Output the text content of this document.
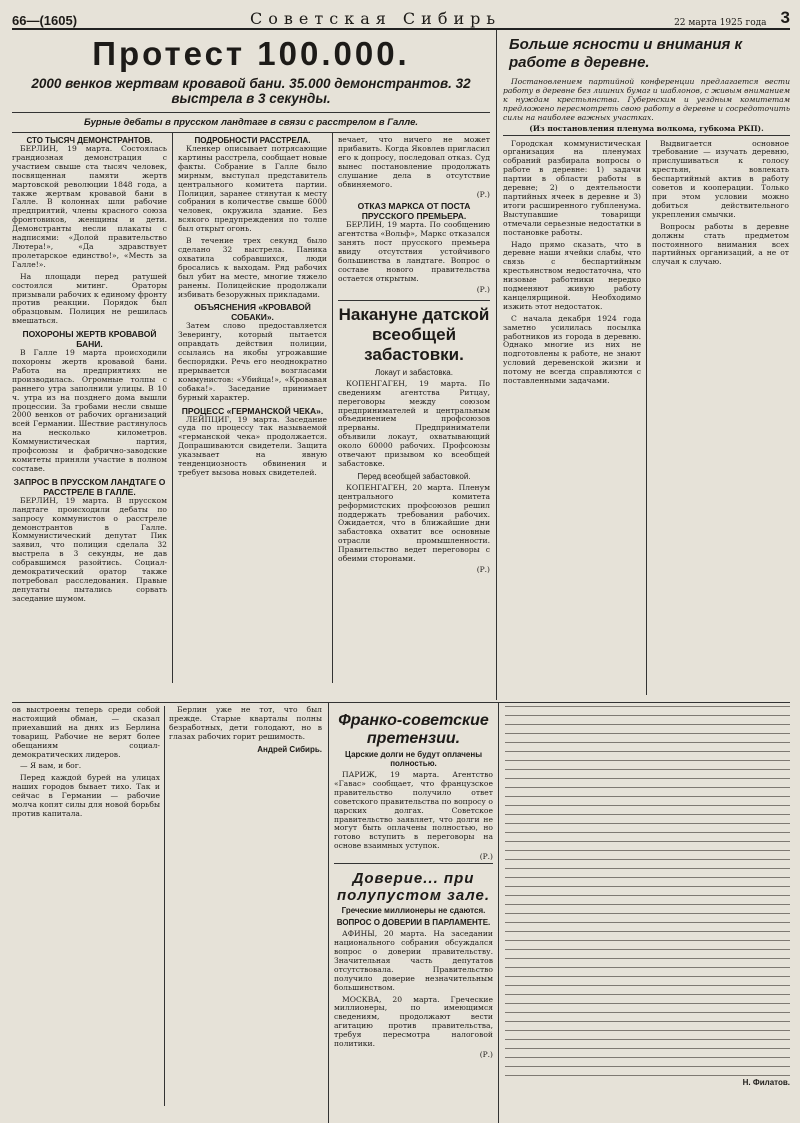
66—(1605)	Советская Сибирь	22 марта 1925 года 3
Протест 100.000.
2000 венков жертвам кровавой бани. 35.000 демонстрантов. 32 выстрела в 3 секунды.
Бурные дебаты в прусском ландтаге в связи с расстрелом в Галле.
СТО ТЫСЯЧ ДЕМОНСТРАНТОВ.

БЕРЛИН, 19 марта. Состоялась грандиозная демонстрация с участием свыше ста тысяч человек, посвященная памяти жертв мартовской революции 1848 года, а также жертвам кровавой бани в Галле. В колоннах шли рабочие предприятий, члены красного союза фронтовиков, женщины и дети. Демонстранты несли плакаты с надписями: «Долой правительство Лютера!», «Да здравствует пролетарское единство!», «Месть за Галле!».

На площади перед ратушей состоялся митинг. Ораторы призывали рабочих к единому фронту против реакции. Порядок был образцовым. Полиция не решилась вмешаться.

ПОХОРОНЫ ЖЕРТВ КРОВАВОЙ БАНИ.

В Галле 19 марта происходили похороны жертв кровавой бани. Работа на предприятиях не производилась. Огромные толпы с раннего утра заполнили улицы. В 10 ч. утра из на позднего дома вышли процессии. За гробами несли свыше 2000 венков от рабочих организаций всей Германии. Шествие растянулось на несколько километров. Коммунистическая партия, профсоюзы и фабрично-заводские комитеты приняли участие в полном составе.

ЗАПРОС В ПРУССКОМ ЛАНДТАГЕ О РАССТРЕЛЕ В ГАЛЛЕ.

БЕРЛИН, 19 марта. В прусском ландтаге происходили дебаты по запросу коммунистов о расстреле демонстрантов в Галле. Коммунистический депутат Пик заявил, что полиция сделала 32 выстрела в 3 секунды, не дав собравшимся разойтись. Социал-демократический оратор также потребовал расследования. Правые депутаты пытались сорвать заседание шумом.

ПОДРОБНОСТИ РАССТРЕЛА.

Кленкер описывает потрясающие картины расстрела, сообщает новые факты. Собрание в Галле было мирным, выступал представитель центрального комитета партии. Полиция, заранее стянутая к месту собрания в количестве свыше 6000 человек, окружила здание. Без всякого предупреждения по толпе был открыт огонь.

В течение трех секунд было сделано 32 выстрела. Паника охватила собравшихся, люди бросались к выходам. Ряд рабочих был убит на месте, многие тяжело ранены. Полицейские продолжали избивать безоружных прикладами.

ОБЪЯСНЕНИЯ «КРОВАВОЙ СОБАКИ».

Затем слово предоставляется Зеверингу, который пытается оправдать действия полиции, ссылаясь на якобы угрожавшие беспорядки. Речь его неоднократно прерывается возгласами коммунистов: «Убийца!», «Кровавая собака!». Заседание принимает бурный характер.

ПРОЦЕСС «ГЕРМАНСКОЙ ЧЕКА».

ЛЕЙПЦИГ, 19 марта. Заседание суда по процессу так называемой «германской чека» продолжается. Допрашиваются свидетели. Защита указывает на явную тенденциозность обвинения и требует вызова новых свидетелей.

вечает, что ничего не может прибавить. Когда Яковлев пригласил его к допросу, последовал отказ. Суд вынес постановление продолжать слушание дела в отсутствие обвиняемого.

(Р.)
ОТКАЗ МАРКСА ОТ ПОСТА ПРУССКОГО ПРЕМЬЕРА.

БЕРЛИН, 19 марта. По сообщению агентства «Вольф», Маркс отказался занять пост прусского премьера ввиду отсутствия устойчивого большинства в ландтаге. Вопрос о составе нового правительства остается открытым.

(Р.)
Накануне датской всеобщей забастовки.
Локаут и забастовка.

КОПЕНГАГЕН, 19 марта. По сведениям агентства Ритцау, переговоры между союзом предпринимателей и центральным объединением профсоюзов прерваны. Предприниматели объявили локаут, охватывающий около 60000 рабочих. Профсоюзы отвечают призывом ко всеобщей забастовке.

Перед всеобщей забастовкой.

КОПЕНГАГЕН, 20 марта. Пленум центрального комитета реформистских профсоюзов решил поддержать требования рабочих. Ожидается, что в ближайшие дни забастовка охватит все основные отрасли промышленности. Правительство ведет переговоры с обеими сторонами.

(Р.)
Больше ясности и внимания к работе в деревне.

Постановлением партийной конференции предлагается вести работу в деревне без лишних бумаг и шаблонов, с живым вниманием к нуждам крестьянства. Губернским и уездным комитетам предложено пересмотреть свою работу в деревне и сосредоточить силы на наиболее важных участках.

(Из постановления пленума волкома, губкома РКП).

Городская коммунистическая организация на пленумах собраний разбирала вопросы о работе в деревне: 1) задачи партии в области работы в деревне; 2) о деятельности партийных ячеек в деревне и 3) итоги расширенного губпленума. Выступавшие товарищи отмечали серьезные недостатки в постановке работы.

Надо прямо сказать, что в деревне наши ячейки слабы, что связь с беспартийным крестьянством недостаточна, что низовые работники нередко подменяют живую работу канцелярщиной. Необходимо изжить этот недостаток.

С начала декабря 1924 года заметно усилилась посылка работников из города в деревню. Однако многие из них не подготовлены к работе, не знают условий деревенской жизни и потому не всегда справляются с поставленными задачами.

Выдвигается основное требование — изучать деревню, прислушиваться к голосу крестьян, вовлекать беспартийный актив в работу советов и кооперации. Только при этом условии можно добиться действительного укрепления смычки.

Вопросы работы в деревне должны стать предметом постоянного внимания всех партийных организаций, а не от случая к случаю.

ов выстроены теперь среди собой настоящий обман, — сказал приехавший на днях из Берлина товарищ. Рабочие не верят более обещаниям социал-демократических лидеров.

— Я вам, и бог.

Перед каждой бурей на улицах наших городов бывает тихо. Так и сейчас в Германии — рабочие молча копят силы для новой борьбы против капитала.

Берлин уже не тот, что был прежде. Старые кварталы полны безработных, дети голодают, но в глазах рабочих горит решимость.

Андрей Сибирь.
Франко-советские претензии.
Царские долги не будут оплачены полностью.

ПАРИЖ, 19 марта. Агентство «Гавас» сообщает, что французское правительство получило ответ советского правительства по вопросу о царских долгах. Советское правительство заявляет, что долги не могут быть оплачены полностью, но готово вступить в переговоры на основе взаимных уступок.

(Р.)
Доверие... при полупустом зале.
Греческие миллионеры не сдаются.
ВОПРОС О ДОВЕРИИ В ПАРЛАМЕНТЕ.

АФИНЫ, 20 марта. На заседании национального собрания обсуждался вопрос о доверии правительству. Значительная часть депутатов отсутствовала. Правительство получило доверие незначительным большинством.

МОСКВА, 20 марта. Греческие миллионеры, по имеющимся сведениям, продолжают вести агитацию против правительства, требуя пересмотра налоговой политики.

(Р.)
Н. Филатов.
